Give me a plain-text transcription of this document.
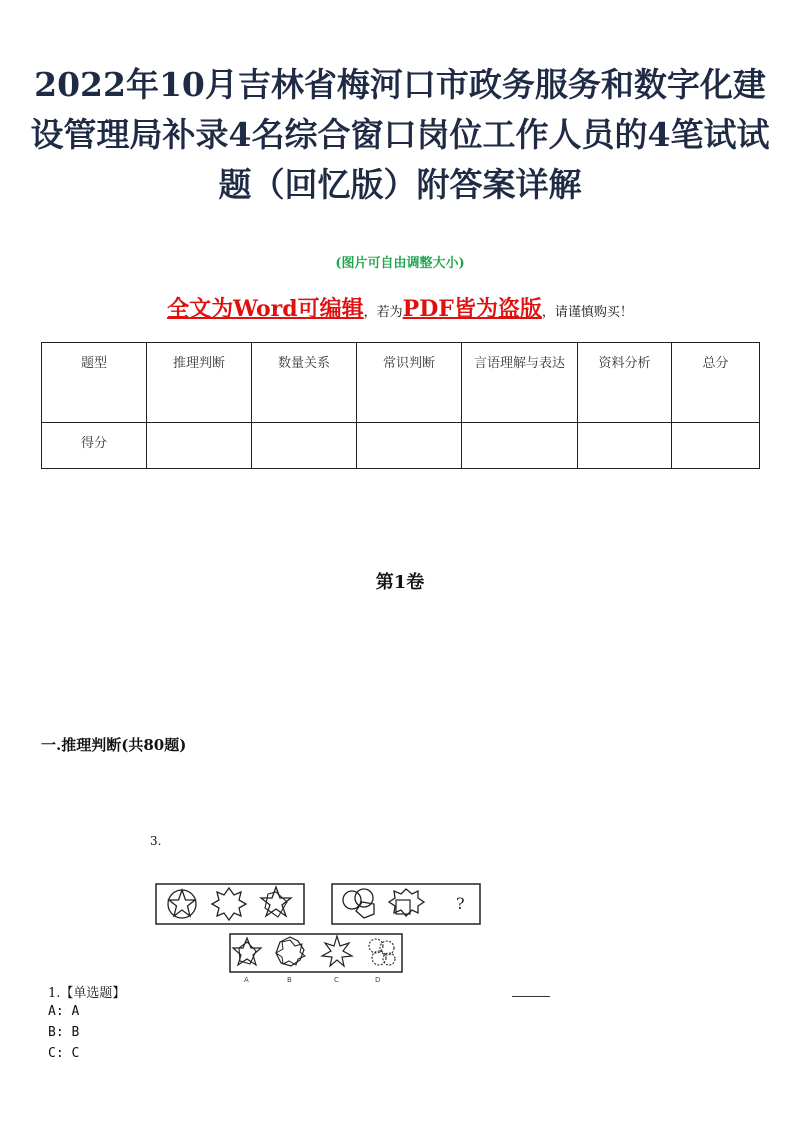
2022年10月吉林省梅河口市政务服务和数字化建设管理局补录4名综合窗口岗位工作人员的4笔试试题（回忆版）附答案详解
(图片可自由调整大小)
全文为Word可编辑，若为PDF皆为盗版，请谨慎购买！
题型	推理判断	数量关系	常识判断	言语理解与表达	资料分析	总分
得分						
第1卷
一.推理判断(共80题)
3.
?
A	B	C	D
1.【单选题】
A: A
B: B
C: C
